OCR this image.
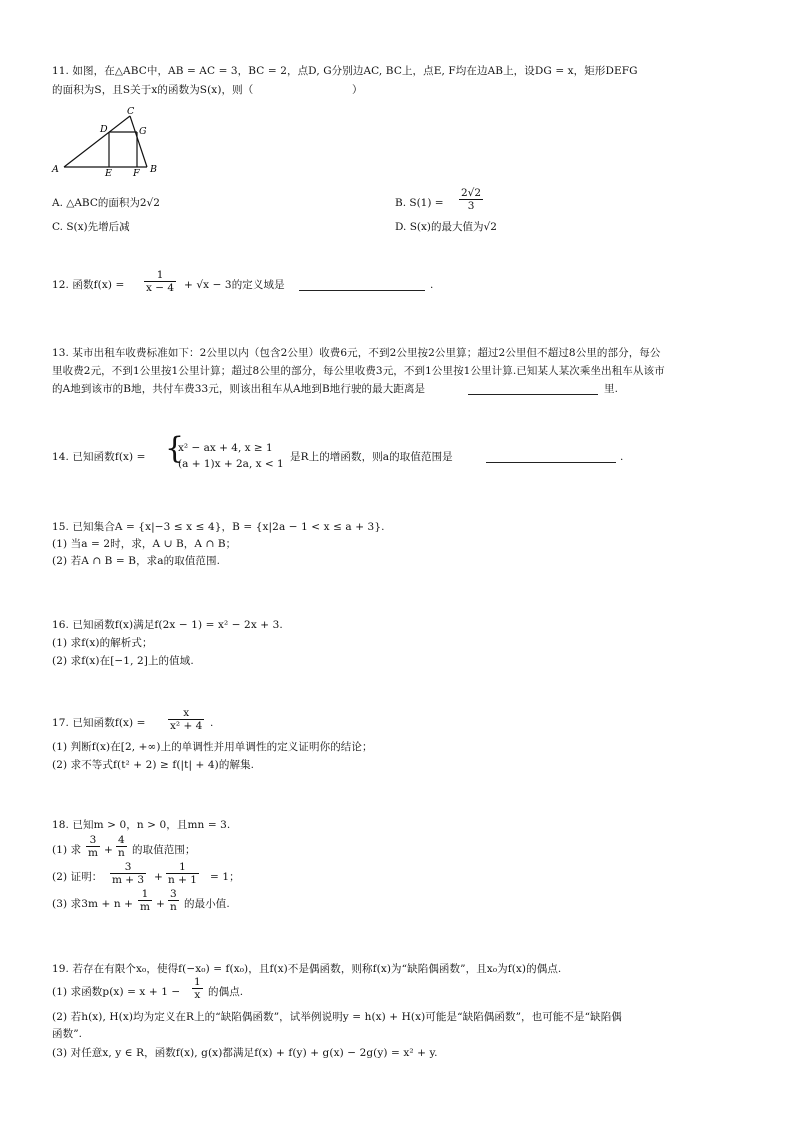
11. 如图，在△ABC中，AB = AC = 3，BC = 2，点D, G分别边AC, BC上，点E, F均在边AB上，设DG = x，矩形DEFG
的面积为S，且S关于x的函数为S(x)，则（	）
A	B
C
D
E F
G
A. △ABC的面积为2√2	B. $S(1) = \frac{2√2}{3}$
C. S(x)先增后减	D. S(x)的最大值为√2
12. 函数$f(x) = \frac{1}{x - 4} + √x - 3$的定义域是	.
13. 某市出租车收费标准如下：2公里以内（包含2公里）收费6元，不到2公里按2公里算；超过2公里但不超过8公里的部分，每公
里收费2元，不到1公里按1公里计算；超过8公里的部分，每公里收费3元，不到1公里按1公里计算.已知某人某次乘坐出租车从该市
的A地到该市的B地，共付车费33元，则该出租车从A地到B地行驶的最大距离是	里.
14. 已知函数f(x) = {
x² − ax + 4, x ≥ 1
(a + 1)x + 2a, x < 1
是R上的增函数，则a的取值范围是	.
15. 已知集合A = {x|−3 ≤ x ≤ 4}，B = {x|2a − 1 < x ≤ a + 3}.
(1) 当a = 2时，求，A ∪ B，A ∩ B；
(2) 若A ∩ B = B，求a的取值范围.
16. 已知函数f(x)满足f(2x − 1) = x² − 2x + 3.
(1) 求f(x)的解析式；
(2) 求f(x)在[−1, 2]上的值域.
17. 已知函数$f(x) = \frac{x}{\text{x² + 4}}$ .
(1) 判断f(x)在[2, +∞)上的单调性并用单调性的定义证明你的结论；
(2) 求不等式f(t² + 2) ≥ f(|t| + 4)的解集.
18. 已知m > 0，n > 0，且mn = 3.
(1) 求 $\frac{3}{m} + \frac{4}{n}$ 的取值范围；
(2) 证明： $\frac{3}{m + 3} + \frac{1}{n + 1} = 1$；
(3) 求$3m + n + \frac{1}{m} + \frac{3}{n}$ 的最小值.
19. 若存在有限个x₀，使得f(−x₀) = f(x₀)，且f(x)不是偶函数，则称f(x)为“缺陷偶函数”，且x₀为f(x)的偶点.
(1) 求函数$p(x) = x + 1 - \frac{1}{x}$ 的偶点.
(2) 若h(x), H(x)均为定义在R上的“缺陷偶函数”，试举例说明y = h(x) + H(x)可能是“缺陷偶函数”，也可能不是“缺陷偶
函数”.
(3) 对任意x, y ∈ R，函数f(x), g(x)都满足f(x) + f(y) + g(x) − 2g(y) = x² + y.
